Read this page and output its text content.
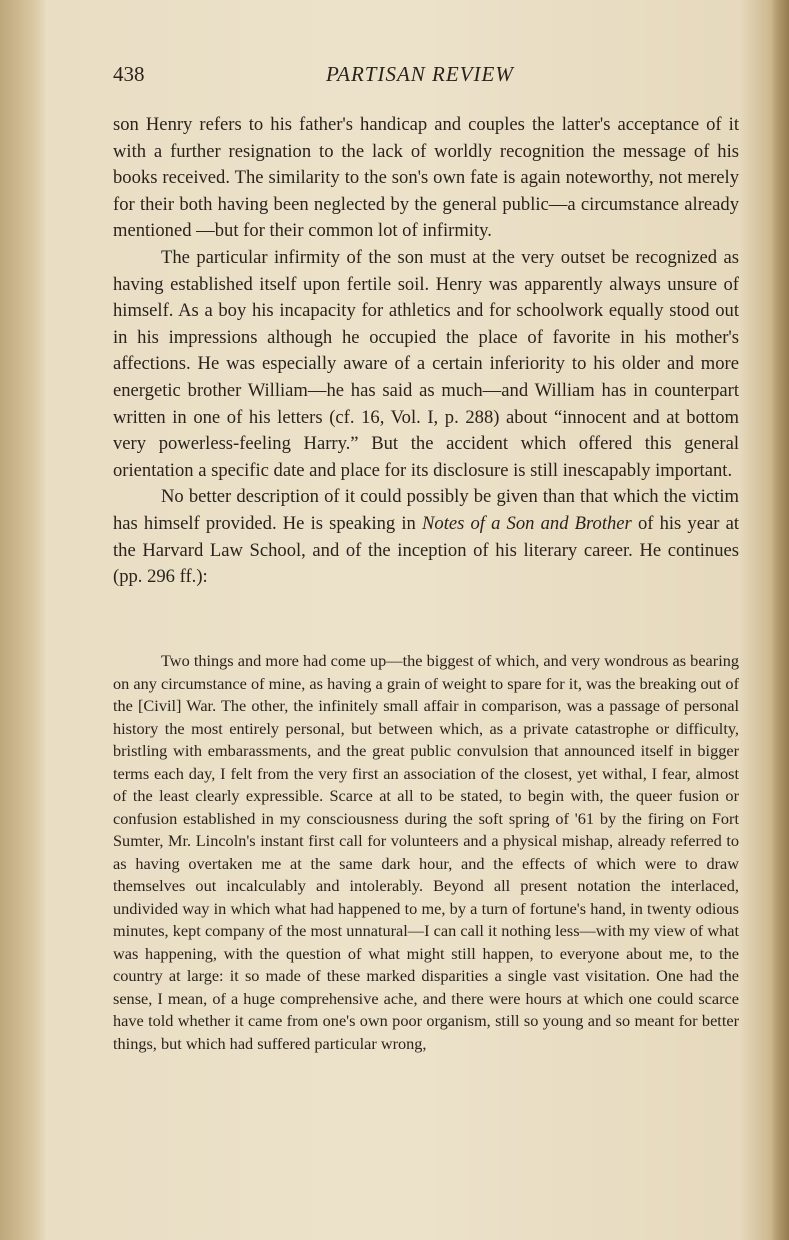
438	PARTISAN REVIEW

son Henry refers to his father's handicap and couples the latter's acceptance of it with a further resignation to the lack of worldly recognition the message of his books received. The similarity to the son's own fate is again noteworthy, not merely for their both having been neglected by the general public—a circumstance already mentioned —but for their common lot of infirmity.

The particular infirmity of the son must at the very outset be recognized as having established itself upon fertile soil. Henry was apparently always unsure of himself. As a boy his incapacity for athletics and for schoolwork equally stood out in his impressions although he occupied the place of favorite in his mother's affections. He was especially aware of a certain inferiority to his older and more energetic brother William—he has said as much—and William has in counterpart written in one of his letters (cf. 16, Vol. I, p. 288) about “innocent and at bottom very powerless-feeling Harry.” But the accident which offered this general orientation a specific date and place for its disclosure is still inescapably important.

No better description of it could possibly be given than that which the victim has himself provided. He is speaking in Notes of a Son and Brother of his year at the Harvard Law School, and of the inception of his literary career. He continues (pp. 296 ff.):

Two things and more had come up—the biggest of which, and very wondrous as bearing on any circumstance of mine, as having a grain of weight to spare for it, was the breaking out of the [Civil] War. The other, the infinitely small affair in comparison, was a passage of personal history the most entirely personal, but between which, as a private catastrophe or difficulty, bristling with embarassments, and the great public convulsion that announced itself in bigger terms each day, I felt from the very first an association of the closest, yet withal, I fear, almost of the least clearly expressible. Scarce at all to be stated, to begin with, the queer fusion or confusion established in my consciousness during the soft spring of '61 by the firing on Fort Sumter, Mr. Lincoln's instant first call for volunteers and a physical mishap, already referred to as having overtaken me at the same dark hour, and the effects of which were to draw themselves out incalculably and intolerably. Beyond all present notation the interlaced, undivided way in which what had happened to me, by a turn of fortune's hand, in twenty odious minutes, kept company of the most unnatural—I can call it nothing less—with my view of what was happening, with the question of what might still happen, to everyone about me, to the country at large: it so made of these marked disparities a single vast visitation. One had the sense, I mean, of a huge comprehensive ache, and there were hours at which one could scarce have told whether it came from one's own poor organism, still so young and so meant for better things, but which had suffered particular wrong,
